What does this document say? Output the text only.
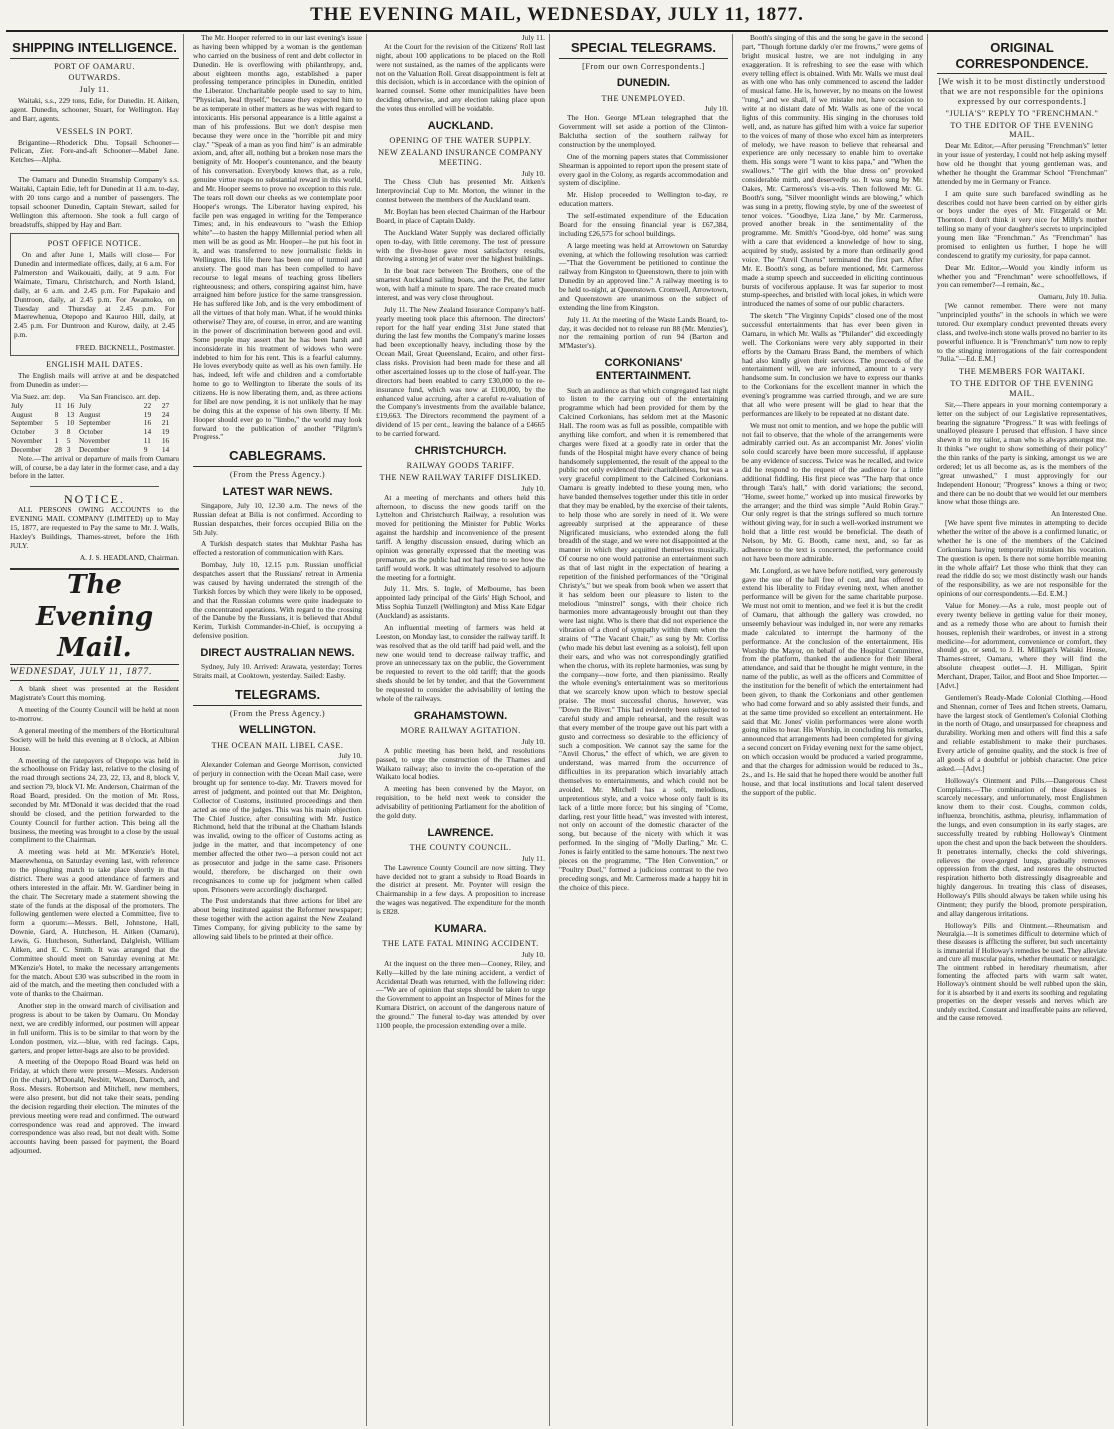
THE EVENING MAIL, WEDNESDAY, JULY 11, 1877.
SHIPPING INTELLIGENCE.
PORT OF OAMARU.
OUTWARDS.
July 11.

Waitaki, s.s., 229 tons, Edie, for Dunedin. H. Aitken, agent. Dunedin, schooner, Stuart, for Wellington. Hay and Barr, agents.

VESSELS IN PORT.

Brigantine—Rhoderick Dhu. Topsail Schooner—Pelican, Zier. Fore-and-aft Schooner—Mabel Jane. Ketches—Alpha.

The Oamaru and Dunedin Steamship Company's s.s. Waitaki, Captain Edie, left for Dunedin at 11 a.m. to-day, with 20 tons cargo and a number of passengers. The topsail schooner Dunedin, Captain Stewart, sailed for Wellington this afternoon. She took a full cargo of breadstuffs, shipped by Hay and Barr.

POST OFFICE NOTICE.

On and after June 1, Mails will close— For Dunedin and intermediate offices, daily, at 6 a.m. For Palmerston and Waikouaiti, daily, at 9 a.m. For Waimate, Timaru, Christchurch, and North Island, daily, at 6 a.m. and 2.45 p.m. For Papakaio and Duntroon, daily, at 2.45 p.m. For Awamoko, on Tuesday and Thursday at 2.45 p.m. For Maerewhenua, Otepopo and Kauroo Hill, daily, at 2.45 p.m. For Duntroon and Kurow, daily, at 2.45 p.m.

FRED. BICKNELL, Postmaster.
ENGLISH MAIL DATES.

The English mails will arrive at and be despatched from Dunedin as under:—

Via Suez. arr. dep.			Via San Francisco. arr. dep.		
July	11	16	July	22	27
August	8	13	August	19	24
September	5	10	September	16	21
October	3	8	October	14	19
November	1	5	November	11	16
December	28	3	December	9	14

Note.—The arrival or departure of mails from Oamaru will, of course, be a day later in the former case, and a day before in the latter.

NOTICE.

ALL PERSONS OWING ACCOUNTS to the EVENING MAIL COMPANY (LIMITED) up to May 15, 1877, are requested to Pay the same to Mr. J. Walls, Haxley's Buildings, Thames-street, before the 16th JULY.

A. J. S. HEADLAND, Chairman.
The Evening Mail.
WEDNESDAY, JULY 11, 1877.

A blank sheet was presented at the Resident Magistrate's Court this morning.

A meeting of the County Council will be held at noon to-morrow.

A general meeting of the members of the Horticultural Society will be held this evening at 8 o'clock, at Albion House.

A meeting of the ratepayers of Otepopo was held in the schoolhouse on Friday last, relative to the closing of the road through sections 24, 23, 22, 13, and 8, block V, and section 79, block VI. Mr. Anderson, Chairman of the Road Board, presided. On the motion of Mr. Ross, seconded by Mr. M'Donald it was decided that the road should be closed, and the petition forwarded to the County Council for further action. This being all the business, the meeting was brought to a close by the usual compliment to the Chairman.

A meeting was held at Mr. M'Kenzie's Hotel, Maerewhenua, on Saturday evening last, with reference to the ploughing match to take place shortly in that district. There was a good attendance of farmers and others interested in the affair. Mr. W. Gardiner being in the chair. The Secretary made a statement showing the state of the funds at the disposal of the promoters. The following gentlemen were elected a Committee, five to form a quorum:—Messrs. Bell, Johnstone, Hall, Downie, Gard, A. Hutcheson, H. Aitken (Oamaru), Lewis, G. Hutcheson, Sutherland, Dalgleish, William Aitken, and E. C. Smith. It was arranged that the Committee should meet on Saturday evening at Mr. M'Kenzie's Hotel, to make the necessary arrangements for the match. About £30 was subscribed in the room in aid of the match, and the meeting then concluded with a vote of thanks to the Chairman.

Another step in the onward march of civilisation and progress is about to be taken by Oamaru. On Monday next, we are credibly informed, our postmen will appear in full uniform. This is to be similar to that worn by the London postmen, viz.—blue, with red facings. Caps, garters, and proper letter-bags are also to be provided.

A meeting of the Otepopo Road Board was held on Friday, at which there were present—Messrs. Anderson (in the chair), M'Donald, Nesbitt, Watson, Darroch, and Ross. Messrs. Robertson and Mitchell, new members, were also present, but did not take their seats, pending the decision regarding their election. The minutes of the previous meeting were read and confirmed. The outward correspondence was read and approved. The inward correspondence was also read, but not dealt with. Some accounts having been passed for payment, the Board adjourned.

The Mr. Hooper referred to in our last evening's issue as having been whipped by a woman is the gentleman who carried on the business of rent and debt collector in Dunedin. He is overflowing with philanthropy, and, about eighteen months ago, established a paper professing temperance principles in Dunedin, entitled the Liberator. Uncharitable people used to say to him, "Physician, heal thyself," because they expected him to be as temperate in other matters as he was with regard to intoxicants. His personal appearance is a little against a man of his professions. But we don't despise men because they were once in the "horrible pit and miry clay." "Speak of a man as you find him" is an admirable axiom, and, after all, nothing but a broken nose mars the benignity of Mr. Hooper's countenance, and the beauty of his conversation. Everybody knows that, as a rule, genuine virtue reaps no substantial reward in this world, and Mr. Hooper seems to prove no exception to this rule. The tears roll down our cheeks as we contemplate poor Hooper's wrongs. The Liberator having expired, his facile pen was engaged in writing for the Temperance Times; and, in his endeavours to "wash the Ethiop white"—to hasten the happy Millennial period when all men will be as good as Mr. Hooper—he put his foot in it, and was transferred to new journalistic fields in Wellington. His life there has been one of turmoil and anxiety. The good man has been compelled to have recourse to legal means of teaching gross libellers righteousness; and others, conspiring against him, have arraigned him before justice for the same transgression. He has suffered like Job, and is the very embodiment of all the virtues of that holy man. What, if he would thinks otherwise? They are, of course, in error, and are wanting in the power of discrimination between good and evil. Some people may assert that he has been harsh and inconsiderate in his treatment of widows who were indebted to him for his rent. This is a fearful calumny. He loves everybody quite as well as his own family. He has, indeed, left wife and children and a comfortable home to go to Wellington to liberate the souls of its citizens. He is now liberating them, and, as three actions for libel are now pending, it is not unlikely that he may be doing this at the expense of his own liberty. If Mr. Hooper should ever go to "limbo," the world may look forward to the publication of another "Pilgrim's Progress."

CABLEGRAMS.
(From the Press Agency.)
LATEST WAR NEWS.

Singapore, July 10, 12.30 a.m. The news of the Russian defeat at Bilia is not confirmed. According to Russian despatches, their forces occupied Bilia on the 5th July.

A Turkish despatch states that Mukhtar Pasha has effected a restoration of communication with Kars.

Bombay, July 10, 12.15 p.m. Russian unofficial despatches assert that the Russians' retreat in Armenia was caused by having underrated the strength of the Turkish forces by which they were likely to be opposed, and that the Russian columns were quite inadequate to the concentrated operations. With regard to the crossing of the Danube by the Russians, it is believed that Abdul Kerim, Turkish Commander-in-Chief, is occupying a defensive position.

DIRECT AUSTRALIAN NEWS.

Sydney, July 10. Arrived: Arawata, yesterday; Torres Straits mail, at Cooktown, yesterday. Sailed: Easby.

TELEGRAMS.
(From the Press Agency.)
WELLINGTON.
THE OCEAN MAIL LIBEL CASE.
July 10.

Alexander Coleman and George Morrison, convicted of perjury in connection with the Ocean Mail case, were brought up for sentence to-day. Mr. Travers moved for arrest of judgment, and pointed out that Mr. Deighton, Collector of Customs, instituted proceedings and then acted as one of the judges. This was his main objection. The Chief Justice, after consulting with Mr. Justice Richmond, held that the tribunal at the Chatham Islands was invalid, owing to the officer of Customs acting as judge in the matter, and that incompetency of one member affected the other two—a person could not act as prosecutor and judge in the same case. Prisoners would, therefore, be discharged on their own recognisances to come up for judgment when called upon. Prisoners were accordingly discharged.

The Post understands that three actions for libel are about being instituted against the Reformer newspaper; these together with the action against the New Zealand Times Company, for giving publicity to the same by allowing said libels to be printed at their office.

July 11.

At the Court for the revision of the Citizens' Roll last night, about 100 applications to be placed on the Roll were not sustained, as the names of the applicants were not on the Valuation Roll. Great disappointment is felt at this decision, which is in accordance with the opinion of learned counsel. Some other municipalities have been deciding otherwise, and any election taking place upon the votes thus enrolled will be voidable.

AUCKLAND.
OPENING OF THE WATER SUPPLY.
NEW ZEALAND INSURANCE COMPANY MEETING.
July 10.

The Chess Club has presented Mr. Aitken's Interprovincial Cup to Mr. Morton, the winner in the contest between the members of the Auckland team.

Mr. Boylan has been elected Chairman of the Harbour Board, in place of Captain Daldy.

The Auckland Water Supply was declared officially open to-day, with little ceremony. The test of pressure with the five-hose gave most satisfactory results, throwing a strong jet of water over the highest buildings.

In the boat race between The Brothers, one of the smartest Auckland sailing boats, and the Pet, the latter won, with half a minute to spare. The race created much interest, and was very close throughout.

July 11. The New Zealand Insurance Company's half-yearly meeting took place this afternoon. The directors' report for the half year ending 31st June stated that during the last few months the Company's marine losses had been exceptionally heavy, including those by the Ocean Mail, Great Queensland, Ecairo, and other first-class risks. Provision had been made for these and all other ascertained losses up to the close of half-year. The directors had been enabled to carry £30,000 to the re-insurance fund, which was now at £100,000, by the enhanced value accruing, after a careful re-valuation of the Company's investments from the available balance, £19,663. The Directors recommend the payment of a dividend of 15 per cent., leaving the balance of a £4665 to be carried forward.

CHRISTCHURCH.
RAILWAY GOODS TARIFF.
THE NEW RAILWAY TARIFF DISLIKED.
July 10.

At a meeting of merchants and others held this afternoon, to discuss the new goods tariff on the Lyttelton and Christchurch Railway, a resolution was moved for petitioning the Minister for Public Works against the hardship and inconvenience of the present tariff. A lengthy discussion ensued, during which an opinion was generally expressed that the meeting was premature, as the public had not had time to see how the tariff would work. It was ultimately resolved to adjourn the meeting for a fortnight.

July 11. Mrs. S. Ingle, of Melbourne, has been appointed lady principal of the Girls' High School, and Miss Sophia Tunzell (Wellington) and Miss Kate Edgar (Auckland) as assistants.

An influential meeting of farmers was held at Leeston, on Monday last, to consider the railway tariff. It was resolved that as the old tariff had paid well, and the new one would tend to decrease railway traffic, and prove an unnecessary tax on the public, the Government be requested to revert to the old tariff; that the goods sheds should be let by tender, and that the Government be requested to consider the advisability of letting the whole of the railways.

GRAHAMSTOWN.
MORE RAILWAY AGITATION.
July 10.

A public meeting has been held, and resolutions passed, to urge the construction of the Thames and Waikato railway; also to invite the co-operation of the Waikato local bodies.

A meeting has been convened by the Mayor, on requisition, to be held next week to consider the advisability of petitioning Parliament for the abolition of the gold duty.

LAWRENCE.
THE COUNTY COUNCIL.
July 11.

The Lawrence County Council are now sitting. They have decided not to grant a subsidy to Road Boards in the district at present. Mr. Poynter will resign the Chairmanship in a few days. A proposition to increase the wages was negatived. The expenditure for the month is £828.

KUMARA.
THE LATE FATAL MINING ACCIDENT.
July 10.

At the inquest on the three men—Cooney, Riley, and Kelly—killed by the late mining accident, a verdict of Accidental Death was returned, with the following rider:—"We are of opinion that steps should be taken to urge the Government to appoint an Inspector of Mines for the Kumara District, on account of the dangerous nature of the ground." The funeral to-day was attended by over 1100 people, the procession extending over a mile.

SPECIAL TELEGRAMS.
[From our own Correspondents.]
DUNEDIN.
THE UNEMPLOYED.
July 10.

The Hon. George M'Lean telegraphed that the Government will set aside a portion of the Clinton-Balclutha section of the southern railway for construction by the unemployed.

One of the morning papers states that Commissioner Shearman is appointed to report upon the present state of every gaol in the Colony, as regards accommodation and system of discipline.

Mr. Hislop proceeded to Wellington to-day, re education matters.

The self-estimated expenditure of the Education Board for the ensuing financial year is £67,384, including £26,575 for school buildings.

A large meeting was held at Arrowtown on Saturday evening, at which the following resolution was carried:—"That the Government be petitioned to continue the railway from Kingston to Queenstown, there to join with Dunedin by an approved line." A railway meeting is to be held to-night, at Queenstown. Cromwell, Arrowtown, and Queenstown are unanimous on the subject of extending the line from Kingston.

July 11. At the meeting of the Waste Lands Board, to-day, it was decided not to release run 88 (Mr. Menzies'), nor the remaining portion of run 94 (Barton and M'Master's).

CORKONIANS' ENTERTAINMENT.

Such an audience as that which congregated last night to listen to the carrying out of the entertaining programme which had been provided for them by the Calcined Corkonians, has seldom met at the Masonic Hall. The room was as full as possible, compatible with anything like comfort, and when it is remembered that charges were fixed at a goodly rate in order that the funds of the Hospital might have every chance of being handsomely supplemented, the result of the appeal to the public not only evidenced their charitableness, but was a very graceful compliment to the Calcined Corkonians. Oamaru is greatly indebted to these young men, who have banded themselves together under this title in order that they may be enabled, by the exercise of their talents, to help those who are sorely in need of it. We were agreeably surprised at the appearance of these Nigrificated musicians, who extended along the full breadth of the stage, and we were not disappointed at the manner in which they acquitted themselves musically. Of course no one would patronise an entertainment such as that of last night in the expectation of hearing a repetition of the finished performances of the "Original Christy's," but we speak from book when we assert that it has seldom been our pleasure to listen to the melodious "minstrel" songs, with their choice rich harmonies more advantageously brought out than they were last night. Who is there that did not experience the vibration of a chord of sympathy within them when the strains of "The Vacant Chair," as sung by Mr. Corliss (who made his debut last evening as a soloist), fell upon their ears, and who was not correspondingly gratified when the chorus, with its replete harmonies, was sung by the company—now forte, and then pianissimo. Really the whole evening's entertainment was so meritorious that we scarcely know upon which to bestow special praise. The most successful chorus, however, was "Down the River." This had evidently been subjected to careful study and ample rehearsal, and the result was that every member of the troupe gave out his part with a gusto and correctness so desirable to the efficiency of such a composition. We cannot say the same for the "Anvil Chorus," the effect of which, we are given to understand, was marred from the occurrence of difficulties in its preparation which invariably attach themselves to entertainments, and which could not be avoided. Mr. Mitchell has a soft, melodious, unpretentious style, and a voice whose only fault is its lack of a little more force; but his singing of "Come, darling, rest your little head," was invested with interest, not only on account of the domestic character of the song, but because of the nicety with which it was performed. In the singing of "Molly Darling," Mr. C. Jones is fairly entitled to the same honours. The next two pieces on the programme, "The Hen Convention," or "Poultry Duel," formed a judicious contrast to the two preceding songs, and Mr. Carmeross made a happy hit in the choice of this piece.

Booth's singing of this and the song he gave in the second part, "Though fortune darkly o'er me frowns," were gems of bright musical lustre, we are not indulging in any exaggeration. It is refreshing to see the ease with which every telling effect is obtained. With Mr. Walls we must deal as with one who has only commenced to ascend the ladder of musical fame. He is, however, by no means on the lowest "rung," and we shall, if we mistake not, have occasion to write at no distant date of Mr. Walls as one of the vocal lights of this community. His singing in the choruses told well, and, as nature has gifted him with a voice far superior to the voices of many of those who excel him as interpreters of melody, we have reason to believe that rehearsal and experience are only necessary to enable him to overtake them. His songs were "I want to kiss papa," and "When the swallows." "The girl with the blue dress on" provoked considerable mirth, and deservedly so. It was sung by Mr. Oakes, Mr. Carmeross's vis-a-vis. Then followed Mr. G. Booth's song, "Silver moonlight winds are blowing," which was sung in a pretty, flowing style, by one of the sweetest of tenor voices. "Goodbye, Liza Jane," by Mr. Carmeross, proved another break in the sentimentality of the programme. Mr. Smith's "Good-bye, old home" was sung with a care that evidenced a knowledge of how to sing, acquired by study, assisted by a more than ordinarily good voice. The "Anvil Chorus" terminated the first part. After Mr. E. Booth's song, as before mentioned, Mr. Carmeross made a stump speech and succeeded in eliciting continuous bursts of vociferous applause. It was far superior to most stump-speeches, and bristled with local jokes, in which were introduced the names of some of our public characters.

The sketch "The Virginny Cupids" closed one of the most successful entertainments that has ever been given in Oamaru, in which Mr. Walls as "Philander" did exceedingly well. The Corkonians were very ably supported in their efforts by the Oamaru Brass Band, the members of which had also kindly given their services. The proceeds of the entertainment will, we are informed, amount to a very handsome sum. In conclusion we have to express our thanks to the Corkonians for the excellent manner in which the evening's programme was carried through, and we are sure that all who were present will be glad to hear that the performances are likely to be repeated at no distant date.

We must not omit to mention, and we hope the public will not fail to observe, that the whole of the arrangements were admirably carried out. As an accompanist Mr. Jones' violin solo could scarcely have been more successful, if applause be any evidence of success. Twice was he recalled, and twice did he respond to the request of the audience for a little additional fiddling. His first piece was "The harp that once through Tara's hall," with dorid variations; the second, "Home, sweet home," worked up into musical fireworks by the arranger; and the third was simple "Auld Robin Gray." Our only regret is that the strings suffered so much torture without giving way, for in such a well-worked instrument we hold that a little rest would be beneficial. The death of Nelson, by Mr. G. Booth, came next, and, so far as adherence to the text is concerned, the performance could not have been more admirable.

Mr. Longford, as we have before notified, very generously gave the use of the hall free of cost, and has offered to extend his liberality to Friday evening next, when another performance will be given for the same charitable purpose. We must not omit to mention, and we feel it is but the credit of Oamaru, that although the gallery was crowded, no unseemly behaviour was indulged in, nor were any remarks made calculated to interrupt the harmony of the performance. At the conclusion of the entertainment, His Worship the Mayor, on behalf of the Hospital Committee, from the platform, thanked the audience for their liberal attendance, and said that he thought he might venture, in the name of the public, as well as the officers and Committee of the institution for the benefit of which the entertainment had been given, to thank the Corkonians and other gentlemen who had come forward and so ably assisted their funds, and at the same time provided so excellent an entertainment. He said that Mr. Jones' violin performances were alone worth going miles to hear. His Worship, in concluding his remarks, announced that arrangements had been completed for giving a second concert on Friday evening next for the same object, on which occasion would be produced a varied programme, and that the charges for admission would be reduced to 3s., 2s., and 1s. He said that he hoped there would be another full house, and that local institutions and local talent deserved the support of the public.

ORIGINAL CORRESPONDENCE.
[We wish it to be most distinctly understood that we are not responsible for the opinions expressed by our correspondents.]
"JULIA'S" REPLY TO "FRENCHMAN."
TO THE EDITOR OF THE EVENING MAIL.

Dear Mr. Editor,—After perusing "Frenchman's" letter in your issue of yesterday, I could not help asking myself how old he thought that young gentleman was, and whether he thought the Grammar School "Frenchman" attended by me in Germany or France.

I am quite sure such barefaced swindling as he describes could not have been carried on by either girls or boys under the eyes of Mr. Fitzgerald or Mr. Thornton. I don't think it very nice for Milly's mother telling so many of your daughter's secrets to unprincipled young men like "Frenchman." As "Frenchman" has promised to enlighten us further, I hope he will condescend to gratify my curiosity, for papa cannot.

Dear Mr. Editor,—Would you kindly inform us whether you and "Frenchman" were schoolfellows, if you can remember?—I remain, &c.,

Oamaru, July 10. Julia.

[We cannot remember. There were not many "unprincipled youths" in the schools in which we were tutored. Our exemplary conduct prevented threats every class, and twelve-inch stone walls proved no barrier to its powerful influence. It is "Frenchman's" turn now to reply to the stinging interrogations of the fair correspondent "Julia."—Ed. E.M.]

THE MEMBERS FOR WAITAKI.
TO THE EDITOR OF THE EVENING MAIL.

Sir,—There appears in your morning contemporary a letter on the subject of our Legislative representatives, bearing the signature "Progress." It was with feelings of unalloyed pleasure I perused that effusion. I have since shewn it to my tailor, a man who is always amongst me. It thinks "we ought to show something of their policy" the thin ranks of the party is sinking, amongst us we are ordered; let us all become as, as is the members of the "great unwashed," I must approvingly for our Independent Honour; "Progress" knows a thing or two; and there can be no doubt that we would let our members know what those things are.

An Interested One.

[We have spent five minutes in attempting to decide whether the writer of the above is a confirmed lunatic, or whether he is one of the members of the Calcined Corkonians having temporarily mistaken his vocation. The question is open. Is there not some horrible meaning in the whole affair? Let those who think that they can read the riddle do so; we most distinctly wash our hands of the responsibility, as we are not responsible for the opinions of our correspondents.—Ed. E.M.]

Value for Money.—As a rule, most people out of every twenty believe in getting value for their money, and as a remedy those who are about to furnish their houses, replenish their wardrobes, or invest in a strong medicine—for adornment, convenience or comfort, they should go, or send, to J. H. Milligan's Waitaki House, Thames-street, Oamaru, where they will find the absolute cheapest outlet—J. H. Milligan, Spirit Merchant, Draper, Tailor, and Boot and Shoe Importer.—[Advt.]

Gentlemen's Ready-Made Colonial Clothing.—Hood and Shennan, corner of Tees and Itchen streets, Oamaru, have the largest stock of Gentlemen's Colonial Clothing in the north of Otago, and unsurpassed for cheapness and durability. Working men and others will find this a safe and reliable establishment to make their purchases. Every article of genuine quality, and the stock is free of all goods of a doubtful or jobbish character. One price asked.—[Advt.]

Holloway's Ointment and Pills.—Dangerous Chest Complaints.—The combination of these diseases is scarcely necessary, and unfortunately, most Englishmen know them to their cost. Coughs, common colds, influenza, bronchitis, asthma, pleurisy, inflammation of the lungs, and even consumption in its early stages, are successfully treated by rubbing Holloway's Ointment upon the chest and upon the back between the shoulders. It penetrates internally, checks the cold shiverings, relieves the over-gorged lungs, gradually removes oppression from the chest, and restores the obstructed respiration hitherto both distressingly disagreeable and highly dangerous. In treating this class of diseases, Holloway's Pills should always be taken while using his Ointment; they purify the blood, promote perspiration, and allay dangerous irritations.

Holloway's Pills and Ointment.—Rheumatism and Neuralgia.—It is sometimes difficult to determine which of these diseases is afflicting the sufferer, but such uncertainty is immaterial if Holloway's remedies be used. They alleviate and cure all muscular pains, whether rheumatic or neuralgic. The ointment rubbed in hereditary rheumatism, after fomenting the affected parts with warm salt water, Holloway's ointment should be well rubbed upon the skin, for it is absorbed by it and exerts its soothing and regulating properties on the deeper vessels and nerves which are unduly excited. Constant and insufferable pains are relieved, and the cause removed.
